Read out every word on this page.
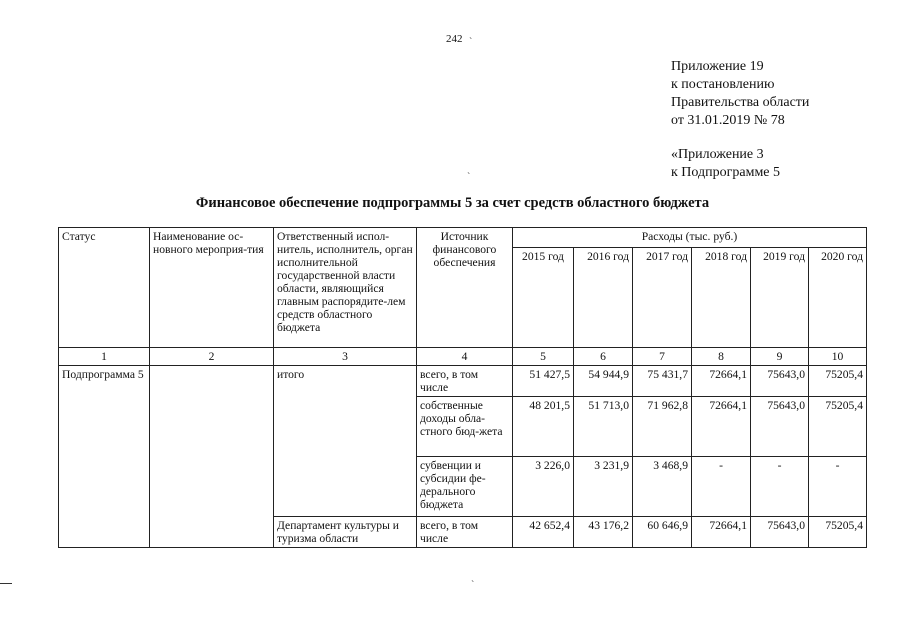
242
Приложение 19
к постановлению
Правительства области
от 31.01.2019 № 78
«Приложение 3
к Подпрограмме 5
Финансовое обеспечение подпрограммы 5 за счет средств областного бюджета
Статус	Наименование ос-новного мероприя-тия	Ответственный испол-нитель, исполнитель, орган исполнительной государственной власти области, являющийся главным распорядите-лем средств областного бюджета	Источник финансового обеспечения	Расходы (тыс. руб.)					
				2015 год	2016 год	2017 год	2018 год	2019 год	2020 год
1	2	3	4	5	6	7	8	9	10
Подпрограмма 5		итого	всего, в том числе	51 427,5	54 944,9	75 431,7	72664,1	75643,0	75205,4
			собственные доходы обла-стного бюд-жета	48 201,5	51 713,0	71 962,8	72664,1	75643,0	75205,4
			субвенции и субсидии фе-дерального бюджета	3 226,0	3 231,9	3 468,9	-	-	-
		Департамент культуры и туризма области	всего, в том числе	42 652,4	43 176,2	60 646,9	72664,1	75643,0	75205,4
ˋ
ˋ
ˋ
